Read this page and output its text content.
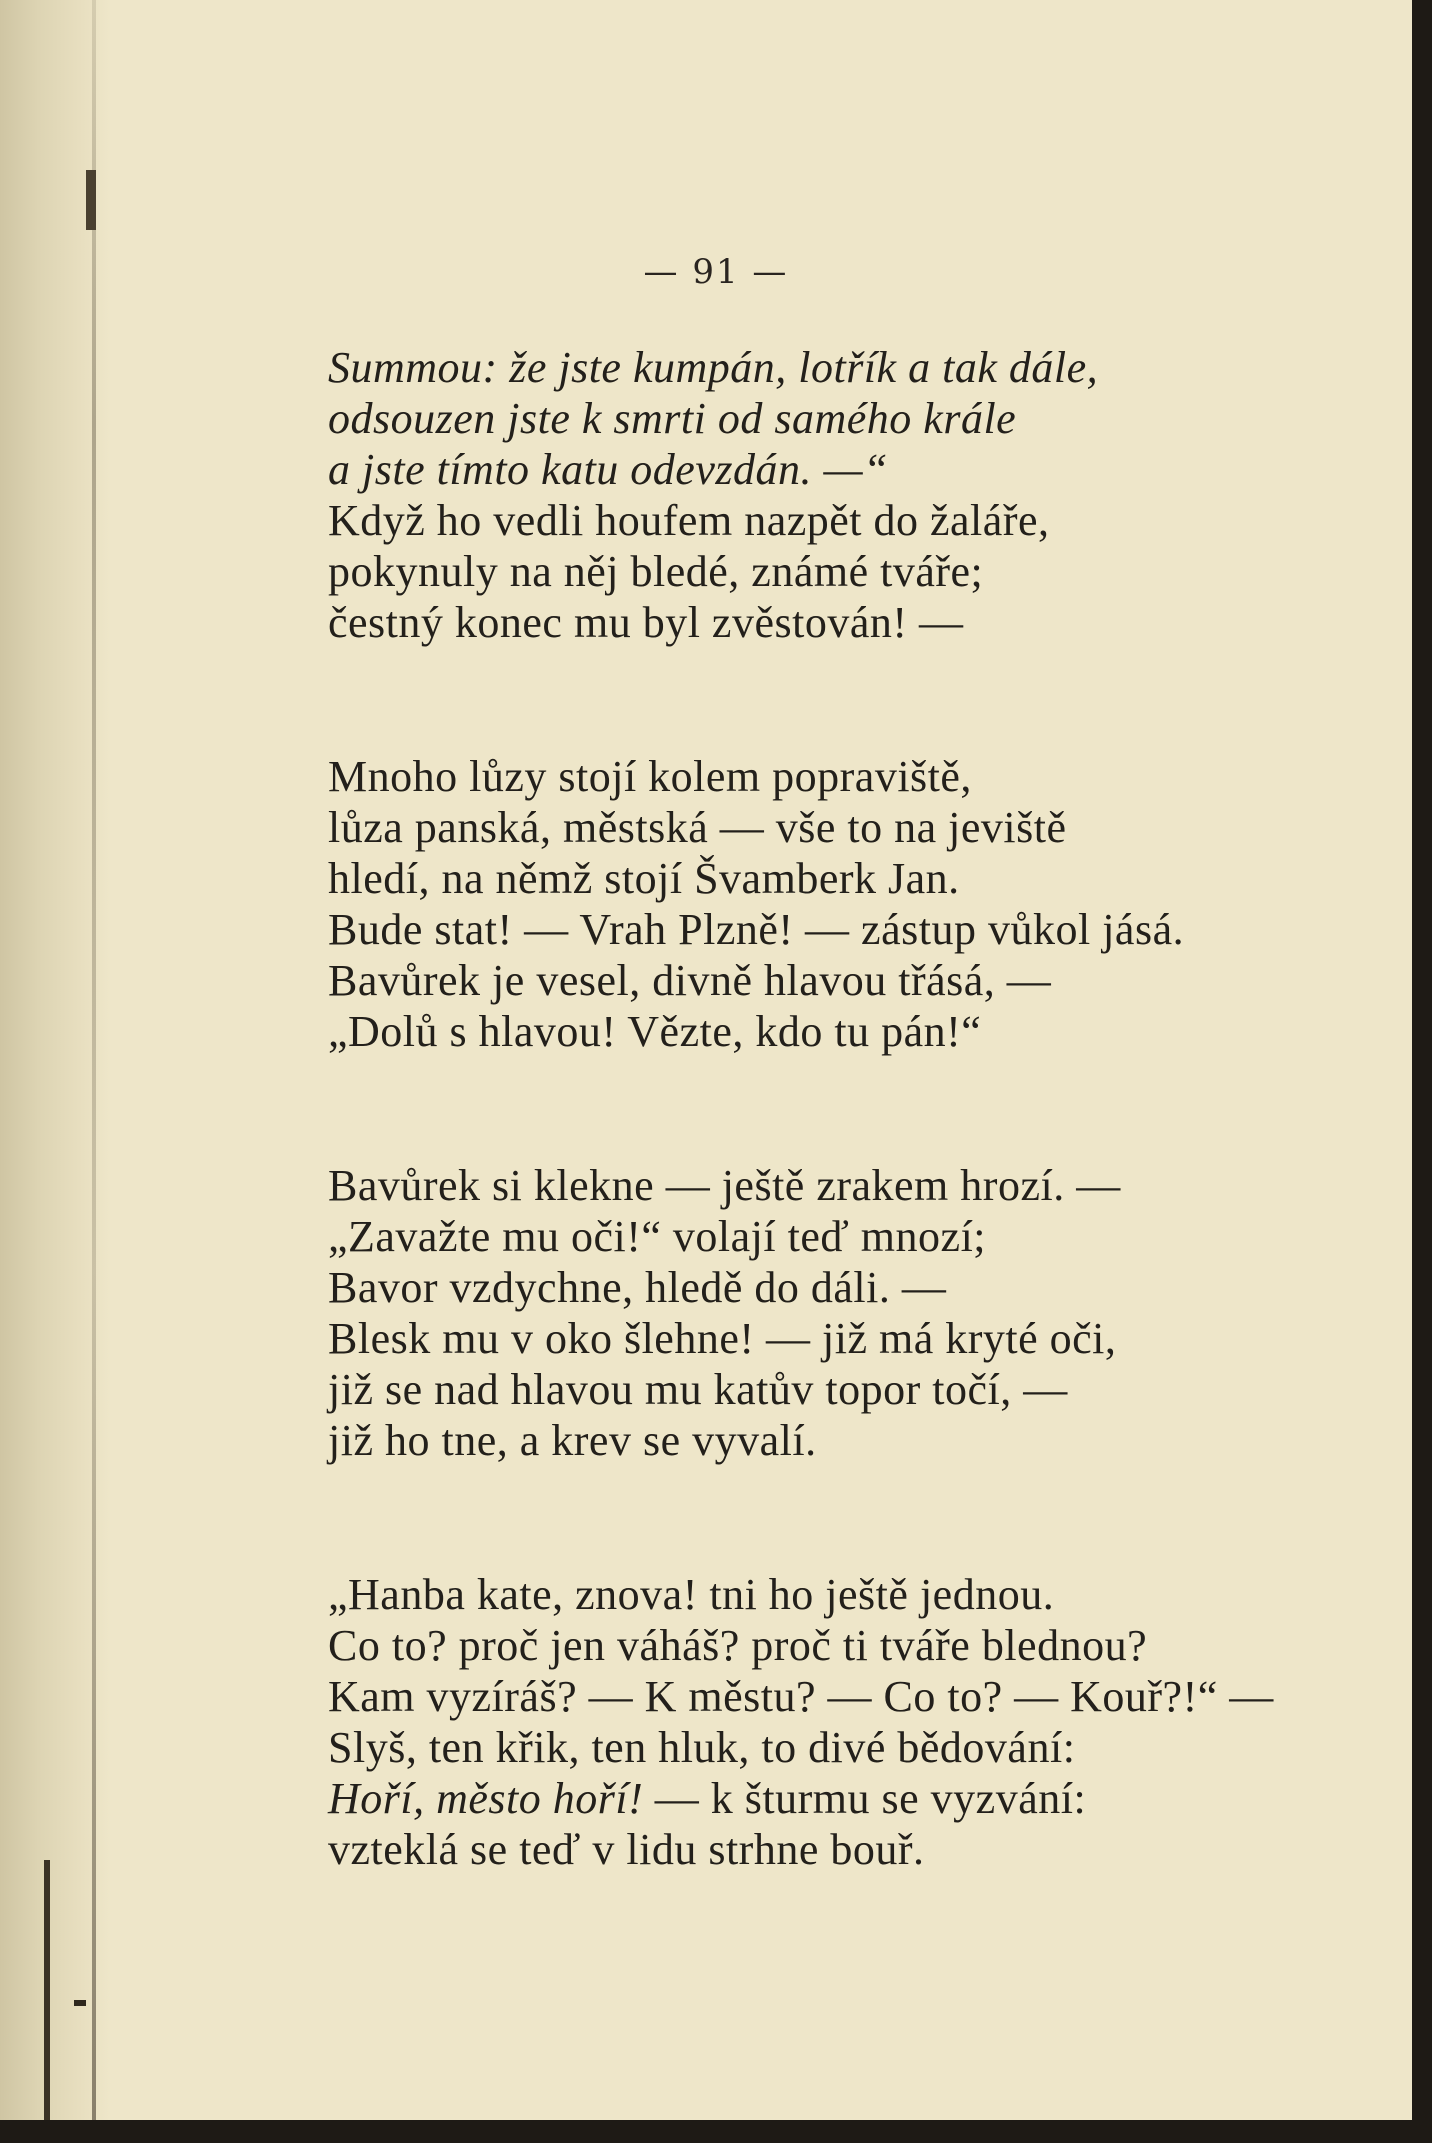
— 91 —
Summou: že jste kumpán, lotřík a tak dále,
odsouzen jste k smrti od samého krále
a jste tímto katu odevzdán. —“
Když ho vedli houfem nazpět do žaláře,
pokynuly na něj bledé, známé tváře;
čestný konec mu byl zvěstován! —
Mnoho lůzy stojí kolem popraviště,
lůza panská, městská — vše to na jeviště
hledí, na němž stojí Švamberk Jan.
Bude stat! — Vrah Plzně! — zástup vůkol jásá.
Bavůrek je vesel, divně hlavou třásá, —
„Dolů s hlavou! Vězte, kdo tu pán!“
Bavůrek si klekne — ještě zrakem hrozí. —
„Zavažte mu oči!“ volají teď mnozí;
Bavor vzdychne, hledě do dáli. —
Blesk mu v oko šlehne! — již má kryté oči,
již se nad hlavou mu katův topor točí, —
již ho tne, a krev se vyvalí.
„Hanba kate, znova! tni ho ještě jednou.
Co to? proč jen váháš? proč ti tváře blednou?
Kam vyzíráš? — K městu? — Co to? — Kouř?!“ —
Slyš, ten křik, ten hluk, to divé bědování:
Hoří, město hoří! — k šturmu se vyzvání:
vzteklá se teď v lidu strhne bouř.
